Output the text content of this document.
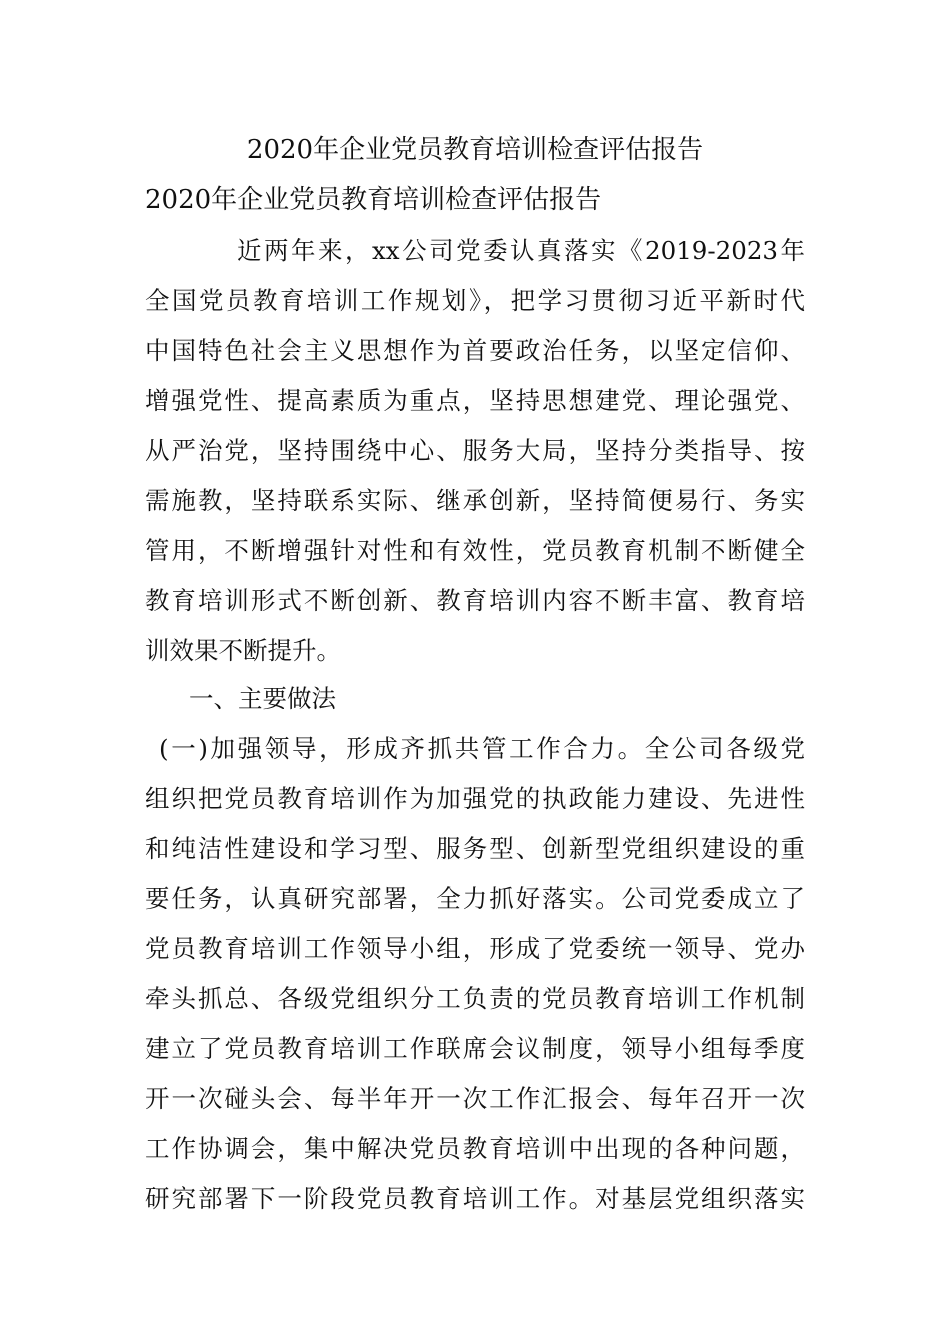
2020年企业党员教育培训检查评估报告
2020年企业党员教育培训检查评估报告
近两年来，xx公司党委认真落实《2019-2023年
全国党员教育培训工作规划》，把学习贯彻习近平新时代
中国特色社会主义思想作为首要政治任务，以坚定信仰、
增强党性、提高素质为重点，坚持思想建党、理论强党、
从严治党，坚持围绕中心、服务大局，坚持分类指导、按
需施教，坚持联系实际、继承创新，坚持简便易行、务实
管用，不断增强针对性和有效性，党员教育机制不断健全
教育培训形式不断创新、教育培训内容不断丰富、教育培
训效果不断提升。
一、主要做法
(一)加强领导，形成齐抓共管工作合力。全公司各级党
组织把党员教育培训作为加强党的执政能力建设、先进性
和纯洁性建设和学习型、服务型、创新型党组织建设的重
要任务，认真研究部署，全力抓好落实。公司党委成立了
党员教育培训工作领导小组，形成了党委统一领导、党办
牵头抓总、各级党组织分工负责的党员教育培训工作机制
建立了党员教育培训工作联席会议制度，领导小组每季度
开一次碰头会、每半年开一次工作汇报会、每年召开一次
工作协调会，集中解决党员教育培训中出现的各种问题，
研究部署下一阶段党员教育培训工作。对基层党组织落实
